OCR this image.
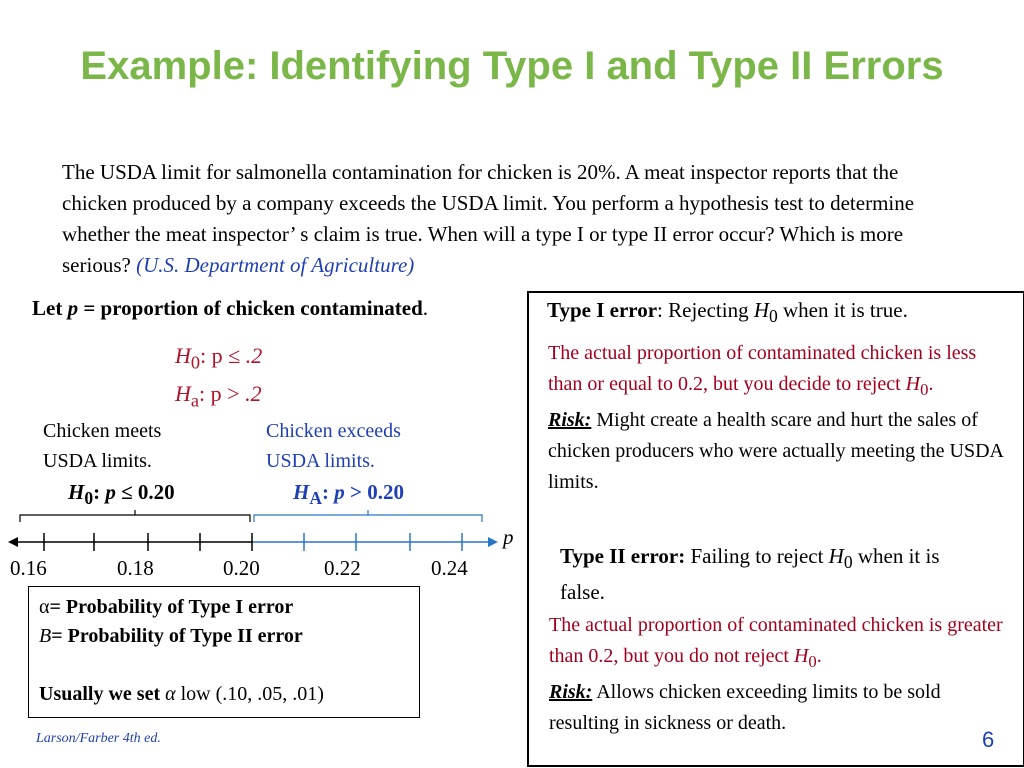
Example: Identifying Type I and Type II Errors
The USDA limit for salmonella contamination for chicken is 20%. A meat inspector reports that the chicken produced by a company exceeds the USDA limit. You perform a hypothesis test to determine whether the meat inspector’ s claim is true. When will a type I or type II error occur? Which is more serious? (U.S. Department of Agriculture)
Let p = proportion of chicken contaminated.
$H_0$: p ≤ .2
$H_a$: p > .2
Chicken meets
USDA limits.
Chicken exceeds
USDA limits.
$H_0$: p ≤ 0.20	$H_A$: p > 0.20
p
0.16	0.18	0.20	0.22	0.24
α= Probability of Type I error
B= Probability of Type II error
Usually we set α low (.10, .05, .01)
Type I error: Rejecting $H_0$ when it is true.
The actual proportion of contaminated chicken is less than or equal to 0.2, but you decide to reject $H_0$.
Risk: Might create a health scare and hurt the sales of chicken producers who were actually meeting the USDA limits.
Type II error: Failing to reject $H_0$ when it is false.
The actual proportion of contaminated chicken is greater than 0.2, but you do not reject $H_0$.
Risk: Allows chicken exceeding limits to be sold resulting in sickness or death.
Larson/Farber 4th ed.	6
